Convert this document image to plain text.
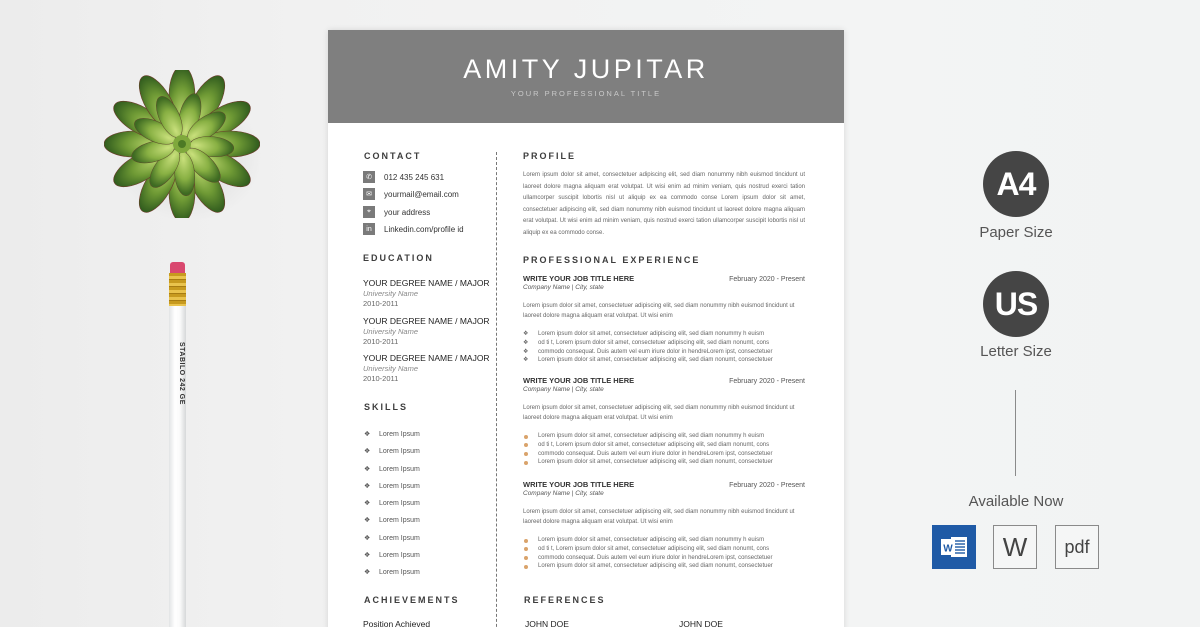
STABILO 242 GE
AMITY JUPITAR
YOUR PROFESSIONAL TITLE
CONTACT
✆	012 435 245 631
✉	yourmail@email.com
⌖	your address
in	Linkedin.com/profile id
EDUCATION
YOUR DEGREE NAME / MAJOR
University Name
2010-2011
YOUR DEGREE NAME / MAJOR
University Name
2010-2011
YOUR DEGREE NAME / MAJOR
University Name
2010-2011
SKILLS
❖	Lorem Ipsum
❖	Lorem Ipsum
❖	Lorem Ipsum
❖	Lorem Ipsum
❖	Lorem Ipsum
❖	Lorem Ipsum
❖	Lorem Ipsum
❖	Lorem Ipsum
❖	Lorem Ipsum
ACHIEVEMENTS
Position Achieved
PROFILE
Lorem ipsum dolor sit amet, consectetuer adipiscing elit, sed diam nonummy nibh euismod tincidunt ut laoreet dolore magna aliquam erat volutpat. Ut wisi enim ad minim veniam, quis nostrud exerci tation ullamcorper suscipit lobortis nisl ut aliquip ex ea commodo conse Lorem ipsum dolor sit amet, consectetuer adipiscing elit, sed diam nonummy nibh euismod tincidunt ut laoreet dolore magna aliquam erat volutpat. Ut wisi enim ad minim veniam, quis nostrud exerci tation ullamcorper suscipit lobortis nisl ut aliquip ex ea commodo conse.
PROFESSIONAL EXPERIENCE
WRITE YOUR JOB TITLE HERE
Company Name | City, state
February 2020 - Present
Lorem ipsum dolor sit amet, consectetuer adipiscing elit, sed diam nonummy nibh euismod tincidunt ut laoreet dolore magna aliquam erat volutpat. Ut wisi enim
❖	Lorem ipsum dolor sit amet, consectetuer adipiscing elit, sed diam nonummy h euism
❖	od ti t, Lorem ipsum dolor sit amet, consectetuer adipiscing elit, sed diam nonumt, cons
❖	commodo consequat. Duis autem vel eum iriure dolor in hendreLorem ipst, consectetuer
❖	Lorem ipsum dolor sit amet, consectetuer adipiscing elit, sed diam nonumt, consectetuer
WRITE YOUR JOB TITLE HERE
Company Name | City, state
February 2020 - Present
Lorem ipsum dolor sit amet, consectetuer adipiscing elit, sed diam nonummy nibh euismod tincidunt ut laoreet dolore magna aliquam erat volutpat. Ut wisi enim
Lorem ipsum dolor sit amet, consectetuer adipiscing elit, sed diam nonummy h euism
od ti t, Lorem ipsum dolor sit amet, consectetuer adipiscing elit, sed diam nonumt, cons
commodo consequat. Duis autem vel eum iriure dolor in hendreLorem ipst, consectetuer
Lorem ipsum dolor sit amet, consectetuer adipiscing elit, sed diam nonumt, consectetuer
WRITE YOUR JOB TITLE HERE
Company Name | City, state
February 2020 - Present
Lorem ipsum dolor sit amet, consectetuer adipiscing elit, sed diam nonummy nibh euismod tincidunt ut laoreet dolore magna aliquam erat volutpat. Ut wisi enim
Lorem ipsum dolor sit amet, consectetuer adipiscing elit, sed diam nonummy h euism
od ti t, Lorem ipsum dolor sit amet, consectetuer adipiscing elit, sed diam nonumt, cons
commodo consequat. Duis autem vel eum iriure dolor in hendreLorem ipst, consectetuer
Lorem ipsum dolor sit amet, consectetuer adipiscing elit, sed diam nonumt, consectetuer
REFERENCES
JOHN DOE	JOHN DOE
A4
Paper Size
US
Letter Size
Available Now
W	W	pdf
